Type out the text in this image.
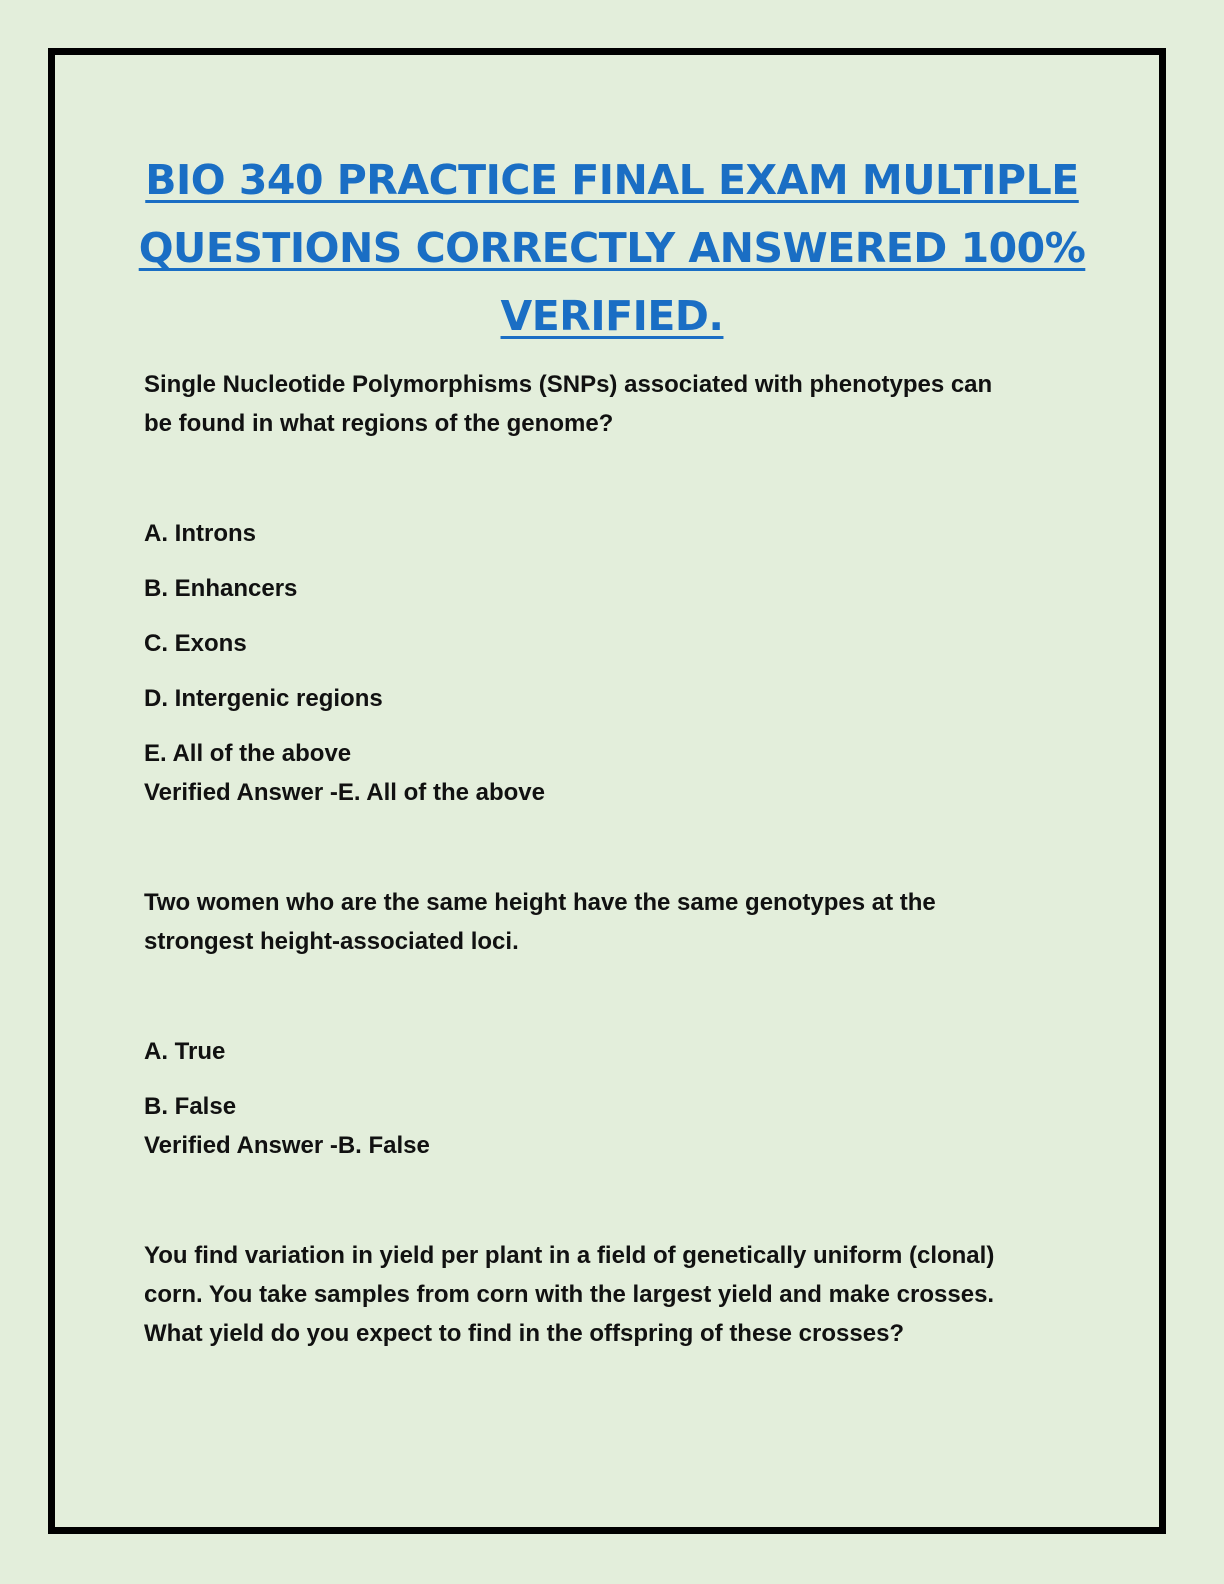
BIO 340 PRACTICE FINAL EXAM MULTIPLE
QUESTIONS CORRECTLY ANSWERED 100%
VERIFIED.

Single Nucleotide Polymorphisms (SNPs) associated with phenotypes can

be found in what regions of the genome?

A. Introns

B. Enhancers

C. Exons

D. Intergenic regions

E. All of the above

Verified Answer -E. All of the above

Two women who are the same height have the same genotypes at the

strongest height-associated loci.

A. True

B. False

Verified Answer -B. False

You find variation in yield per plant in a field of genetically uniform (clonal)

corn. You take samples from corn with the largest yield and make crosses.

What yield do you expect to find in the offspring of these crosses?
